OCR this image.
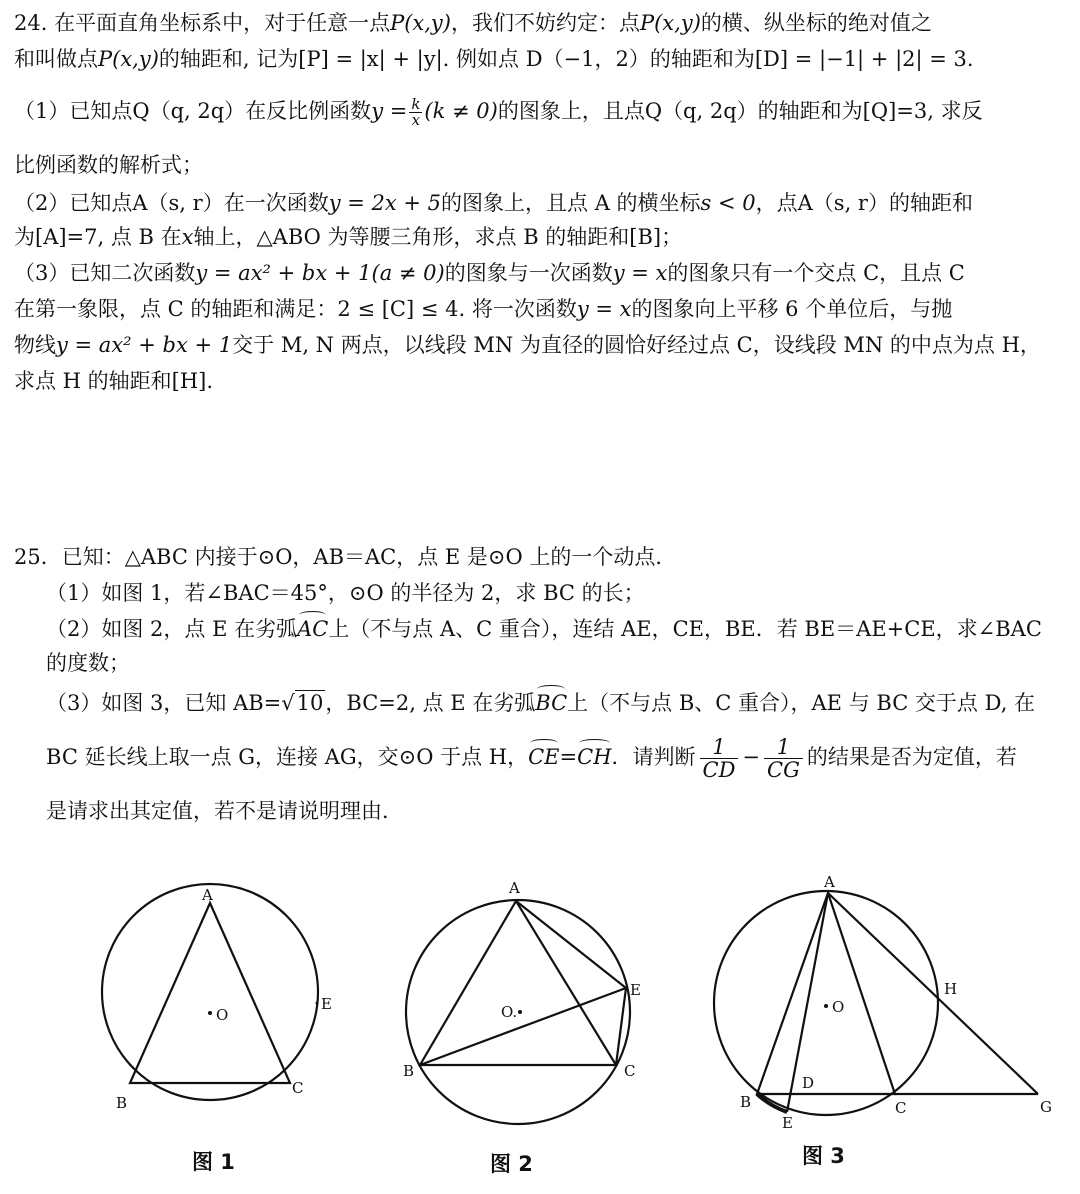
24. 在平面直角坐标系中，对于任意一点P(x,y)，我们不妨约定：点P(x,y)的横、纵坐标的绝对值之
和叫做点P(x,y)的轴距和, 记为[P] = |x| + |y|. 例如点 D（−1，2）的轴距和为[D] = |−1| + |2| = 3.
（1）已知点Q（q, 2q）在反比例函数$y = \frac{k}{x} (k \ne 0)$的图象上，且点Q（q, 2q）的轴距和为[Q]=3, 求反
比例函数的解析式；
（2）已知点A（s, r）在一次函数y = 2x + 5的图象上，且点 A 的横坐标s < 0，点A（s, r）的轴距和
为[A]=7, 点 B 在x轴上，△ABO 为等腰三角形，求点 B 的轴距和[B]；
（3）已知二次函数y = ax² + bx + 1(a ≠ 0)的图象与一次函数y = x的图象只有一个交点 C，且点 C
在第一象限，点 C 的轴距和满足：2 ≤ [C] ≤ 4. 将一次函数y = x的图象向上平移 6 个单位后，与抛
物线y = ax² + bx + 1交于 M, N 两点，以线段 MN 为直径的圆恰好经过点 C，设线段 MN 的中点为点 H，
求点 H 的轴距和[H].
25．已知：△ABC 内接于⊙O，AB＝AC，点 E 是⊙O 上的一个动点．
（1）如图 1，若∠BAC＝45°，⊙O 的半径为 2，求 BC 的长；
（2）如图 2，点 E 在劣弧AC上（不与点 A、C 重合），连结 AE，CE，BE．若 BE＝AE+CE，求∠BAC
的度数；
（3）如图 3，已知 AB=√10，BC=2, 点 E 在劣弧BC上（不与点 B、C 重合），AE 与 BC 交于点 D, 在
BC 延长线上取一点 G，连接 AG，交⊙O 于点 H，CE=CH．请判断 $\frac{1}{CD} - \frac{1}{CG}$ 的结果是否为定值，若
是请求出其定值，若不是请说明理由．
A
B
C
E
O
A
B	C
E
O.
A
B	C
D
E
G
H
O
图 1	图 2	图 3
